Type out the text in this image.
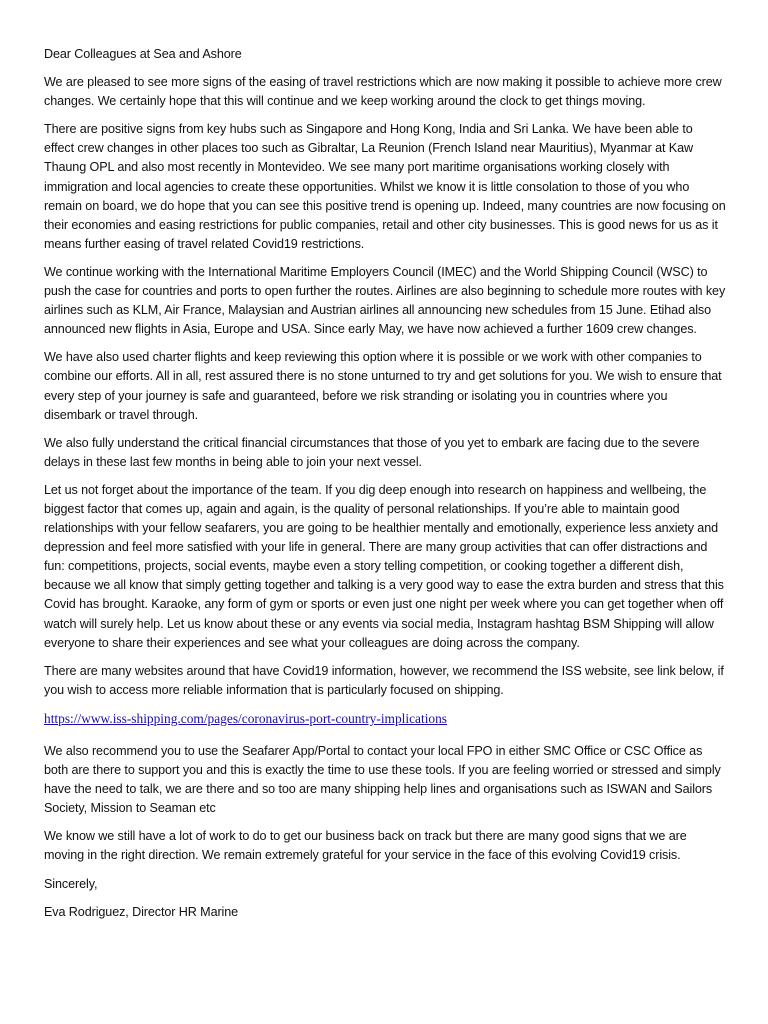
Dear Colleagues at Sea and Ashore

We are pleased to see more signs of the easing of travel restrictions which are now making it possible to achieve more crew changes. We certainly hope that this will continue and we keep working around the clock to get things moving.

There are positive signs from key hubs such as Singapore and Hong Kong, India and Sri Lanka. We have been able to effect crew changes in other places too such as Gibraltar, La Reunion (French Island near Mauritius), Myanmar at Kaw Thaung OPL and also most recently in Montevideo. We see many port maritime organisations working closely with immigration and local agencies to create these opportunities. Whilst we know it is little consolation to those of you who remain on board, we do hope that you can see this positive trend is opening up. Indeed, many countries are now focusing on their economies and easing restrictions for public companies, retail and other city businesses. This is good news for us as it means further easing of travel related Covid19 restrictions.

We continue working with the International Maritime Employers Council (IMEC) and the World Shipping Council (WSC) to push the case for countries and ports to open further the routes. Airlines are also beginning to schedule more routes with key airlines such as KLM, Air France, Malaysian and Austrian airlines all announcing new schedules from 15 June. Etihad also announced new flights in Asia, Europe and USA. Since early May, we have now achieved a further 1609 crew changes.

We have also used charter flights and keep reviewing this option where it is possible or we work with other companies to combine our efforts. All in all, rest assured there is no stone unturned to try and get solutions for you. We wish to ensure that every step of your journey is safe and guaranteed, before we risk stranding or isolating you in countries where you disembark or travel through.

We also fully understand the critical financial circumstances that those of you yet to embark are facing due to the severe delays in these last few months in being able to join your next vessel.

Let us not forget about the importance of the team. If you dig deep enough into research on happiness and wellbeing, the biggest factor that comes up, again and again, is the quality of personal relationships. If you’re able to maintain good relationships with your fellow seafarers, you are going to be healthier mentally and emotionally, experience less anxiety and depression and feel more satisfied with your life in general. There are many group activities that can offer distractions and fun: competitions, projects, social events, maybe even a story telling competition, or cooking together a different dish, because we all know that simply getting together and talking is a very good way to ease the extra burden and stress that this Covid has brought. Karaoke, any form of gym or sports or even just one night per week where you can get together when off watch will surely help. Let us know about these or any events via social media, Instagram hashtag BSM Shipping will allow everyone to share their experiences and see what your colleagues are doing across the company.

There are many websites around that have Covid19 information, however, we recommend the ISS website, see link below, if you wish to access more reliable information that is particularly focused on shipping.

https://www.iss-shipping.com/pages/coronavirus-port-country-implications

We also recommend you to use the Seafarer App/Portal to contact your local FPO in either SMC Office or CSC Office as both are there to support you and this is exactly the time to use these tools. If you are feeling worried or stressed and simply have the need to talk, we are there and so too are many shipping help lines and organisations such as ISWAN and Sailors Society, Mission to Seaman etc

We know we still have a lot of work to do to get our business back on track but there are many good signs that we are moving in the right direction. We remain extremely grateful for your service in the face of this evolving Covid19 crisis.

Sincerely,

Eva Rodriguez, Director HR Marine
